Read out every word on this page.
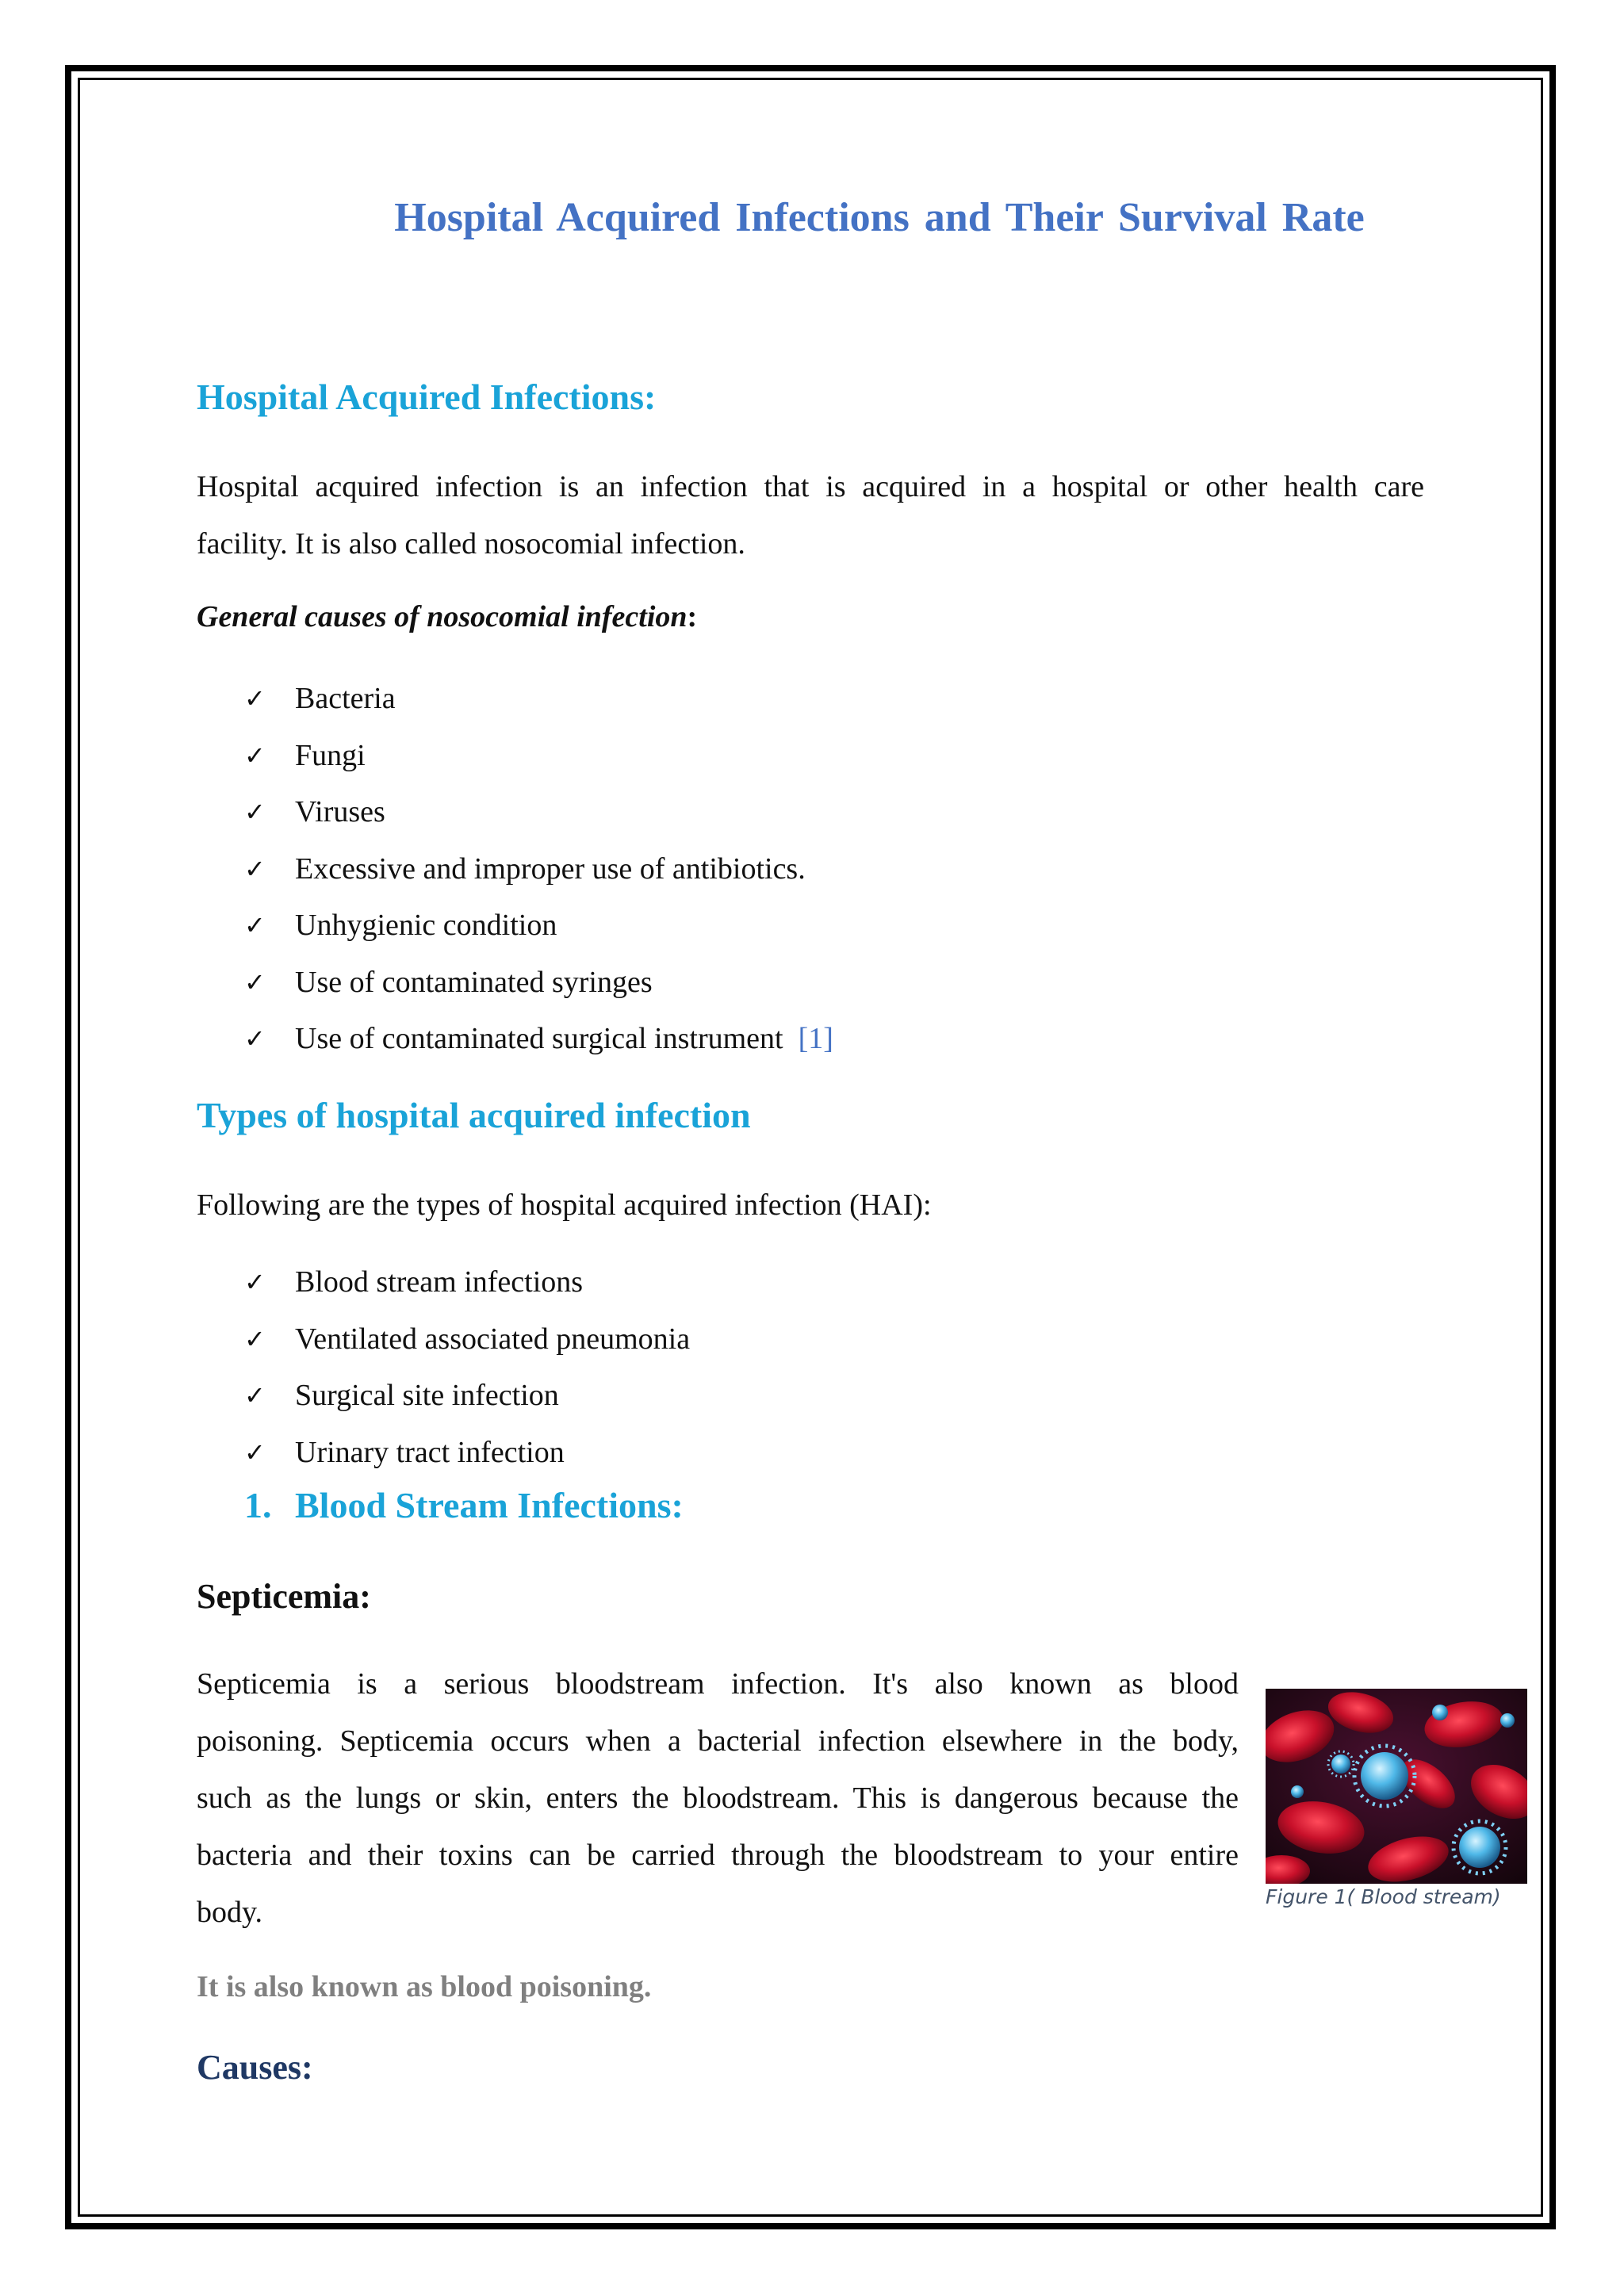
Hospital Acquired Infections and Their Survival Rate
Hospital Acquired Infections:
Hospital acquired infection is an infection that is acquired in a hospital or other health care
facility. It is also called nosocomial infection.
General causes of nosocomial infection:
✓ Bacteria
✓ Fungi
✓ Viruses
✓ Excessive and improper use of antibiotics.
✓ Unhygienic condition
✓ Use of contaminated syringes
✓ Use of contaminated surgical instrument [1]
Types of hospital acquired infection
Following are the types of hospital acquired infection (HAI):
✓ Blood stream infections
✓ Ventilated associated pneumonia
✓ Surgical site infection
✓ Urinary tract infection
1. Blood Stream Infections:
Septicemia:
Septicemia is a serious bloodstream infection. It's also known as blood
poisoning. Septicemia occurs when a bacterial infection elsewhere in the body,
such as the lungs or skin, enters the bloodstream. This is dangerous because the
bacteria and their toxins can be carried through the bloodstream to your entire
body.	Figure 1( Blood stream)
It is also known as blood poisoning.
Causes:
